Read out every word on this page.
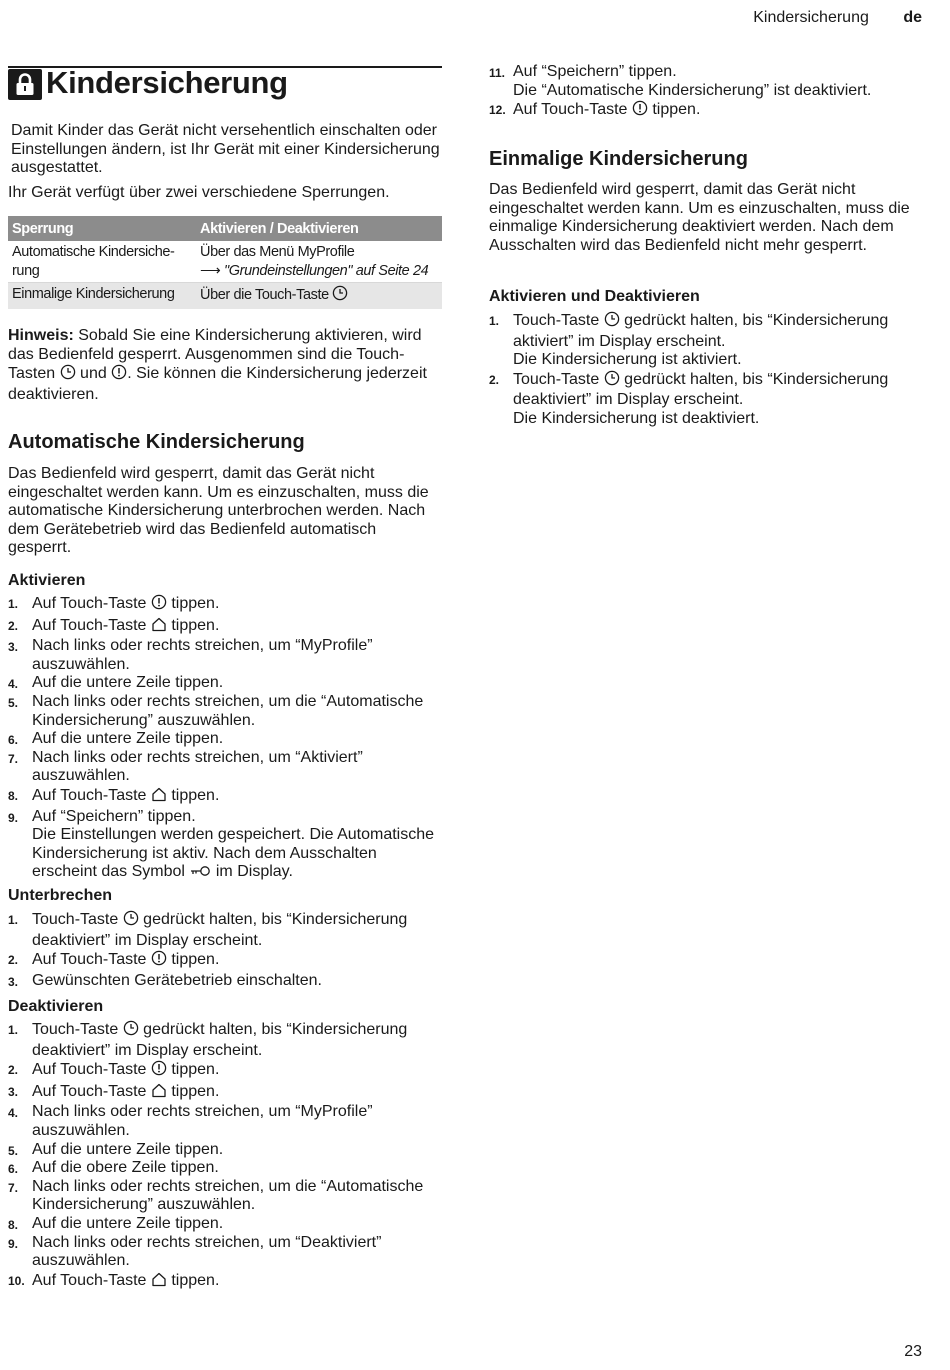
Kindersicherung de
Kindersicherung

Damit Kinder das Gerät nicht versehentlich einschalten oder Einstellungen ändern, ist Ihr Gerät mit einer Kindersicherung ausgestattet.

Ihr Gerät verfügt über zwei verschiedene Sperrungen.

Sperrung	Aktivieren / Deaktivieren
Automatische Kindersiche-
rung	Über das Menü MyProfile
⟶ "Grundeinstellungen" auf Seite 24
Einmalige Kindersicherung	Über die Touch-Taste

Hinweis: Sobald Sie eine Kindersicherung aktivieren, wird das Bedienfeld gesperrt. Ausgenommen sind die Touch-Tasten und . Sie können die Kindersicherung jederzeit deaktivieren.

Automatische Kindersicherung

Das Bedienfeld wird gesperrt, damit das Gerät nicht eingeschaltet werden kann. Um es einzuschalten, muss die automatische Kindersicherung unterbrochen werden. Nach dem Gerätebetrieb wird das Bedienfeld automatisch gesperrt.

Aktivieren
1. Auf Touch-Taste tippen.
2. Auf Touch-Taste tippen.
3. Nach links oder rechts streichen, um “MyProfile” auszuwählen.
4. Auf die untere Zeile tippen.
5. Nach links oder rechts streichen, um die “Automatische Kindersicherung” auszuwählen.
6. Auf die untere Zeile tippen.
7. Nach links oder rechts streichen, um “Aktiviert” auszuwählen.
8. Auf Touch-Taste tippen.
9. Auf “Speichern” tippen.
Die Einstellungen werden gespeichert. Die Automatische Kindersicherung ist aktiv. Nach dem Ausschalten erscheint das Symbol im Display.
Unterbrechen
1. Touch-Taste gedrückt halten, bis “Kindersicherung deaktiviert” im Display erscheint.
2. Auf Touch-Taste tippen.
3. Gewünschten Gerätebetrieb einschalten.
Deaktivieren
1. Touch-Taste gedrückt halten, bis “Kindersicherung deaktiviert” im Display erscheint.
2. Auf Touch-Taste tippen.
3. Auf Touch-Taste tippen.
4. Nach links oder rechts streichen, um “MyProfile” auszuwählen.
5. Auf die untere Zeile tippen.
6. Auf die obere Zeile tippen.
7. Nach links oder rechts streichen, um die “Automatische Kindersicherung” auszuwählen.
8. Auf die untere Zeile tippen.
9. Nach links oder rechts streichen, um “Deaktiviert” auszuwählen.
10. Auf Touch-Taste tippen.
11. Auf “Speichern” tippen.
Die “Automatische Kindersicherung” ist deaktiviert.
12. Auf Touch-Taste tippen.
Einmalige Kindersicherung

Das Bedienfeld wird gesperrt, damit das Gerät nicht eingeschaltet werden kann. Um es einzuschalten, muss die einmalige Kindersicherung deaktiviert werden. Nach dem Ausschalten wird das Bedienfeld nicht mehr gesperrt.

Aktivieren und Deaktivieren
1. Touch-Taste gedrückt halten, bis “Kindersicherung aktiviert” im Display erscheint.
Die Kindersicherung ist aktiviert.
2. Touch-Taste gedrückt halten, bis “Kindersicherung deaktiviert” im Display erscheint.
Die Kindersicherung ist deaktiviert.
23
